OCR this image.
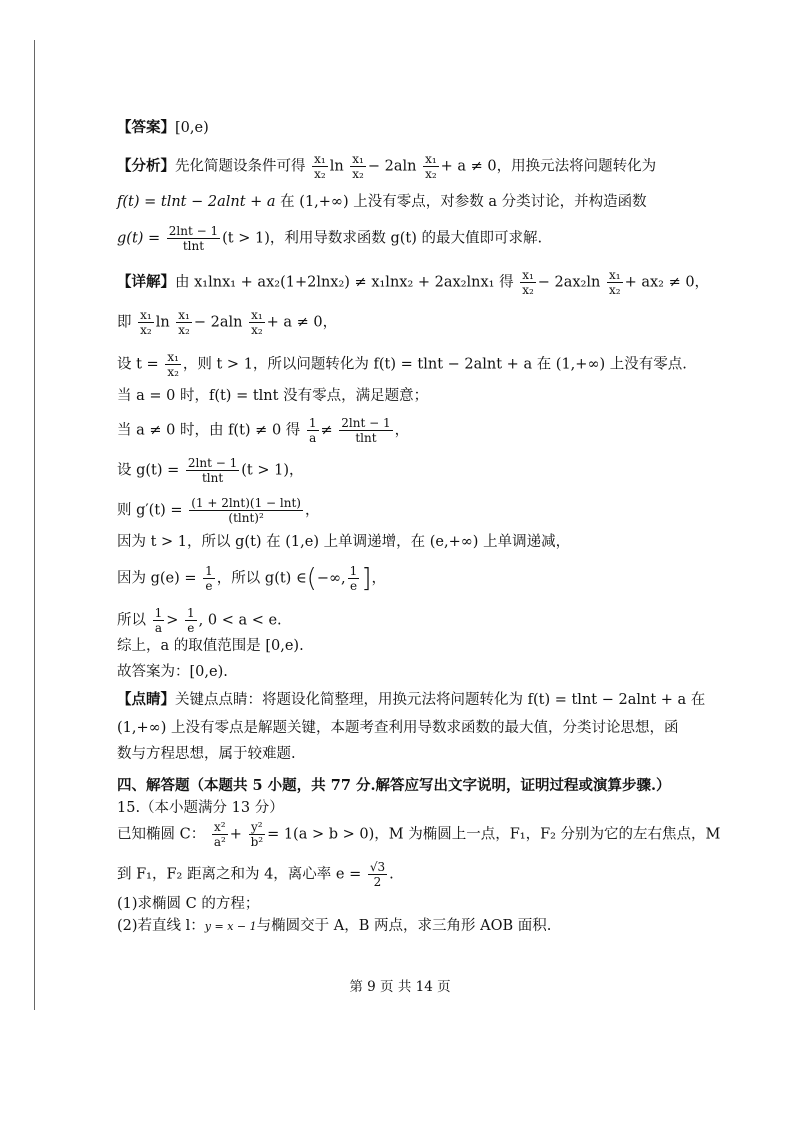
【答案】[0,e)
【分析】先化简题设条件可得 $\frac{\text{x₁}}{\text{x₂}}$ $\ln \frac{\text{x₁}}{\text{x₂}} - 2aln \frac{\text{x₁}}{\text{x₂}} + a \ne 0$，用换元法将问题转化为
f(t) = tlnt − 2alnt + a 在 (1,+∞) 上没有零点，对参数 a 分类讨论，并构造函数
$g(t) = \frac{2\ln t - 1}{tlnt} (t > 1)$，利用导数求函数 g(t) 的最大值即可求解.
【详解】由 x₁lnx₁ + ax₂(1+2lnx₂) ≠ x₁lnx₂ + 2ax₂lnx₁ 得 $\frac{\text{x₁}}{\text{x₂}} - 2ax_2\ln \frac{\text{x₁}}{\text{x₂}} + ax_2 \ne 0$，
即 $\frac{\text{x₁}}{\text{x₂}}$ $\ln \frac{\text{x₁}}{\text{x₂}} - 2aln \frac{\text{x₁}}{\text{x₂}} + a \ne 0$，
设 $t = \frac{\text{x₁}}{\text{x₂}}$ ，则 t > 1，所以问题转化为 f(t) = tlnt − 2alnt + a 在 (1,+∞) 上没有零点.
当 a = 0 时，f(t) = tlnt 没有零点，满足题意；
当 a ≠ 0 时，由 f(t) ≠ 0 得 $\frac{1}{a} \ne \frac{2\ln t - 1}{tlnt}$ ，
设 $g(t) = \frac{2\ln t - 1}{tlnt} (t > 1)$，
则 $g'(t) = \frac{(1 + 2\ln t)(1 - \ln t)}{\text{(tlnt)²}}$ ，
因为 t > 1，所以 g(t) 在 (1,e) 上单调递增，在 (e,+∞) 上单调递减，
因为 $g(e) = \frac{1}{e}$ ，所以 g(t) ∈(−∞, $\frac{1}{e}$ ]，
所以 $\frac{1}{a} > \frac{1}{e}$ , 0 < a < e.
综上，a 的取值范围是 [0,e).
故答案为：[0,e).
【点睛】关键点点睛：将题设化简整理，用换元法将问题转化为 f(t) = tlnt − 2alnt + a 在
(1,+∞) 上没有零点是解题关键，本题考查利用导数求函数的最大值，分类讨论思想，函
数与方程思想，属于较难题.
四、解答题（本题共 5 小题，共 77 分.解答应写出文字说明，证明过程或演算步骤.）
15.（本小题满分 13 分）
已知椭圆 C： $\frac{\text{x²}}{\text{a²}} + \frac{\text{y²}}{\text{b²}} = 1(a > b > 0)$，M 为椭圆上一点，F₁，F₂ 分别为它的左右焦点，M
到 F₁，F₂ 距离之和为 4，离心率 $e = \frac{√3}{2}$ .
(1)求椭圆 C 的方程；
(2)若直线 l：y = x − 1与椭圆交于 A，B 两点，求三角形 AOB 面积.
第 9 页 共 14 页
